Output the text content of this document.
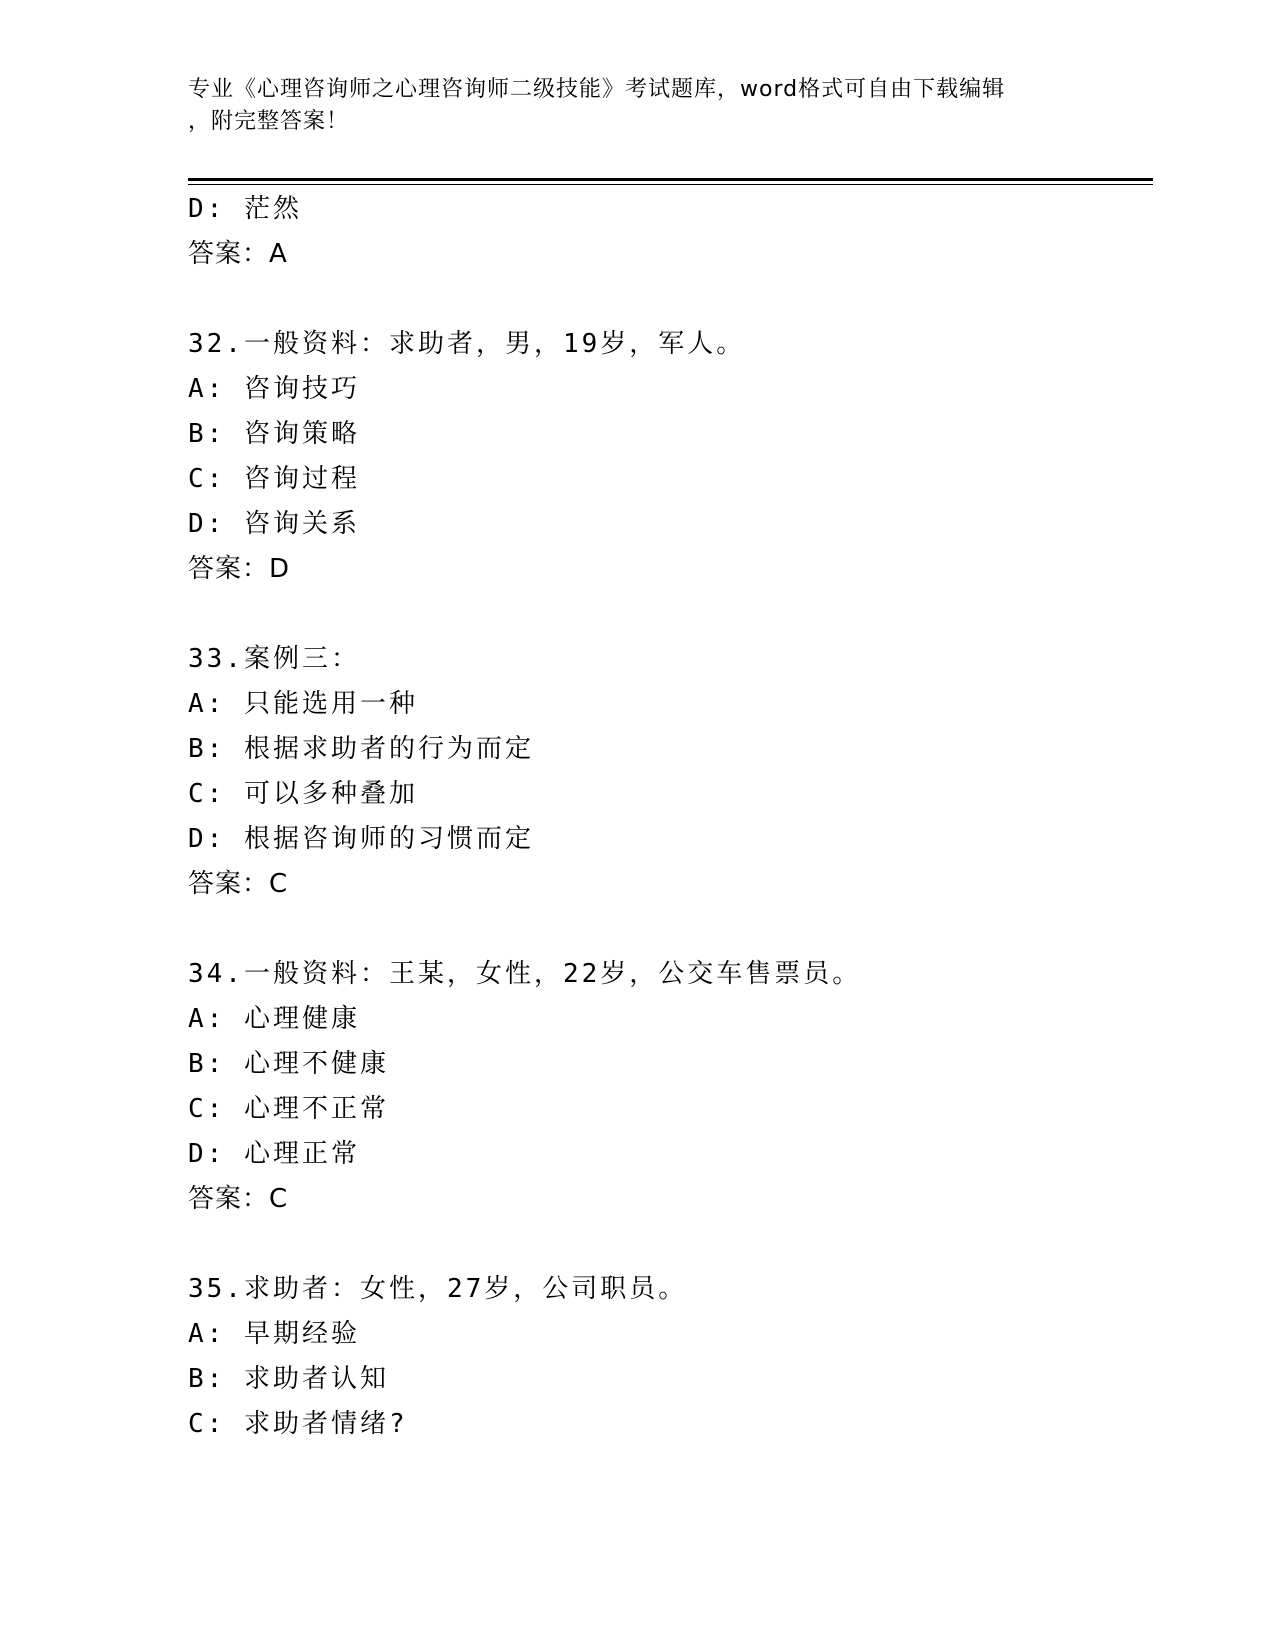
专业《心理咨询师之心理咨询师二级技能》考试题库，word格式可自由下载编辑
，附完整答案！
D: 茫然
答案：A
32.一般资料：求助者，男，19岁，军人。
A: 咨询技巧
B: 咨询策略
C: 咨询过程
D: 咨询关系
答案：D
33.案例三：
A: 只能选用一种
B: 根据求助者的行为而定
C: 可以多种叠加
D: 根据咨询师的习惯而定
答案：C
34.一般资料：王某，女性，22岁，公交车售票员。
A: 心理健康
B: 心理不健康
C: 心理不正常
D: 心理正常
答案：C
35.求助者：女性，27岁，公司职员。
A: 早期经验
B: 求助者认知
C: 求助者情绪?
